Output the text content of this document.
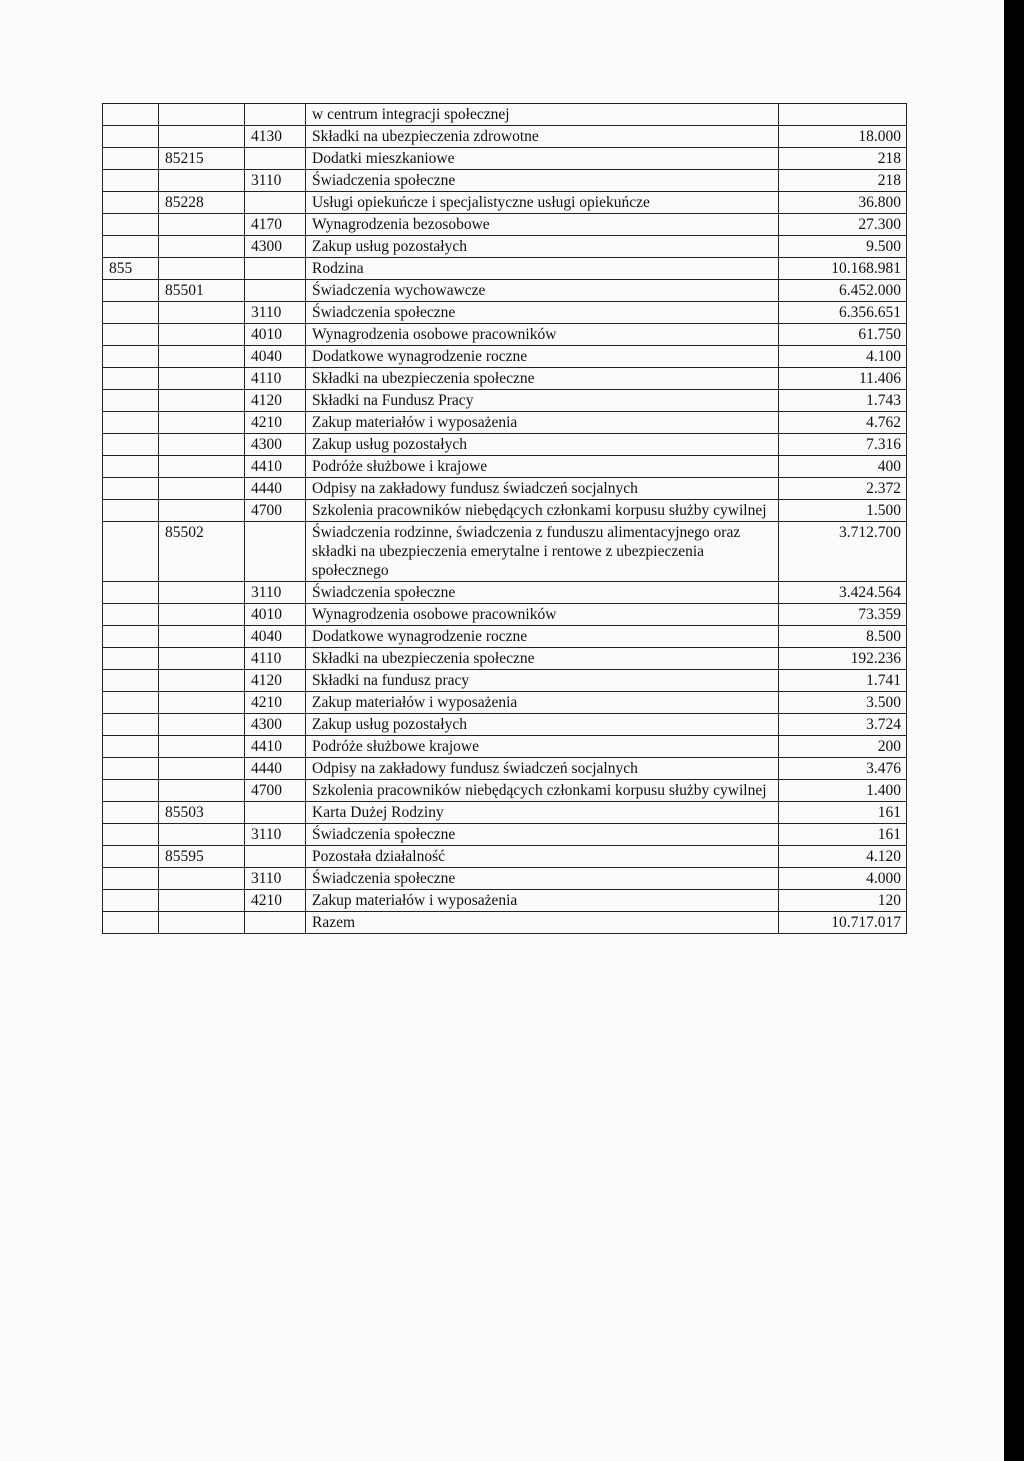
			w centrum integracji społecznej	
		4130	Składki na ubezpieczenia zdrowotne	18.000
	85215		Dodatki mieszkaniowe	218
		3110	Świadczenia społeczne	218
	85228		Usługi opiekuńcze i specjalistyczne usługi opiekuńcze	36.800
		4170	Wynagrodzenia bezosobowe	27.300
		4300	Zakup usług pozostałych	9.500
855			Rodzina	10.168.981
	85501		Świadczenia wychowawcze	6.452.000
		3110	Świadczenia społeczne	6.356.651
		4010	Wynagrodzenia osobowe pracowników	61.750
		4040	Dodatkowe wynagrodzenie roczne	4.100
		4110	Składki na ubezpieczenia społeczne	11.406
		4120	Składki na Fundusz Pracy	1.743
		4210	Zakup materiałów i wyposażenia	4.762
		4300	Zakup usług pozostałych	7.316
		4410	Podróże służbowe i krajowe	400
		4440	Odpisy na zakładowy fundusz świadczeń socjalnych	2.372
		4700	Szkolenia pracowników niebędących członkami korpusu służby cywilnej	1.500
	85502		Świadczenia rodzinne, świadczenia z funduszu alimentacyjnego oraz składki na ubezpieczenia emerytalne i rentowe z ubezpieczenia społecznego	3.712.700
		3110	Świadczenia społeczne	3.424.564
		4010	Wynagrodzenia osobowe pracowników	73.359
		4040	Dodatkowe wynagrodzenie roczne	8.500
		4110	Składki na ubezpieczenia społeczne	192.236
		4120	Składki na fundusz pracy	1.741
		4210	Zakup materiałów i wyposażenia	3.500
		4300	Zakup usług pozostałych	3.724
		4410	Podróże służbowe krajowe	200
		4440	Odpisy na zakładowy fundusz świadczeń socjalnych	3.476
		4700	Szkolenia pracowników niebędących członkami korpusu służby cywilnej	1.400
	85503		Karta Dużej Rodziny	161
		3110	Świadczenia społeczne	161
	85595		Pozostała działalność	4.120
		3110	Świadczenia społeczne	4.000
		4210	Zakup materiałów i wyposażenia	120
			Razem	10.717.017
